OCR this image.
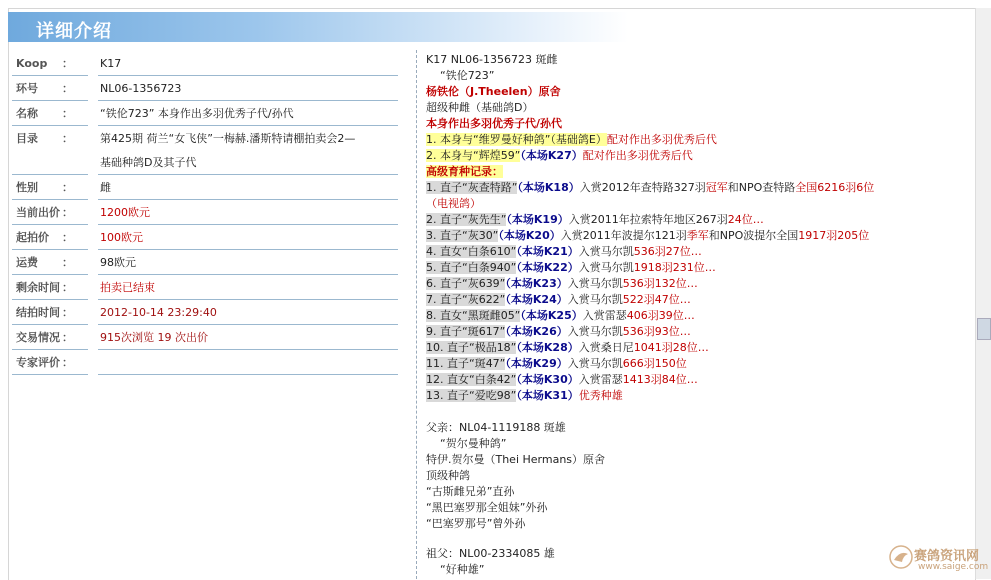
详细介绍
Koop ： K17
环号 ： NL06-1356723
名称 ： “铁伦723” 本身作出多羽优秀子代/孙代
目录 ： 第425期 荷兰“女飞侠”一梅赫.潘斯特请棚拍卖会2—
基础种鸽D及其子代
性别 ： 雌
当前出价 ： 1200欧元
起拍价 ： 100欧元
运费 ： 98欧元
剩余时间 ： 拍卖已结束
结拍时间 ： 2012-10-14 23:29:40
交易情况 ： 915次浏览 19 次出价
专家评价 ：
K17 NL06-1356723 斑雌
“铁伦723”
杨铁伦（J.Theelen）原舍
超级种雌（基础鸽D）
本身作出多羽优秀子代/孙代
1. 本身与“维罗曼好种鸽”（基础鸽E）配对作出多羽优秀后代
2. 本身与“辉煌59”（本场K27）配对作出多羽优秀后代
高级育种记录：
1. 直子“灰查特路”（本场K18）入赏2012年查特路327羽冠军和NPO查特路全国6216羽6位
（电视鸽）
2. 直子“灰先生”（本场K19）入赏2011年拉索特年地区267羽24位…
3. 直子“灰30”（本场K20）入赏2011年波提尔121羽季军和NPO波提尔全国1917羽205位
4. 直女“白条610”（本场K21）入赏马尔凯536羽27位…
5. 直子“白条940”（本场K22）入赏马尔凯1918羽231位…
6. 直子“灰639”（本场K23）入赏马尔凯536羽132位…
7. 直子“灰622”（本场K24）入赏马尔凯522羽47位…
8. 直女“黑斑雌05”（本场K25）入赏雷瑟406羽39位…
9. 直子“斑617”（本场K26）入赏马尔凯536羽93位…
10. 直子“极品18”（本场K28）入赏桑日尼1041羽28位…
11. 直子“斑47”（本场K29）入赏马尔凯666羽150位
12. 直女“白条42”（本场K30）入赏雷瑟1413羽84位…
13. 直子“爱吃98”（本场K31）优秀种雄
父亲：NL04-1119188 斑雄
“贺尔曼种鸽”
特伊.贺尔曼（Thei Hermans）原舍
顶级种鸽
“古斯雌兄弟”直孙
“黑巴塞罗那全姐妹”外孙
“巴塞罗那号”曾外孙
祖父：NL00-2334085 雄
“好种雄”
赛鸽资讯网
www.saige.com
